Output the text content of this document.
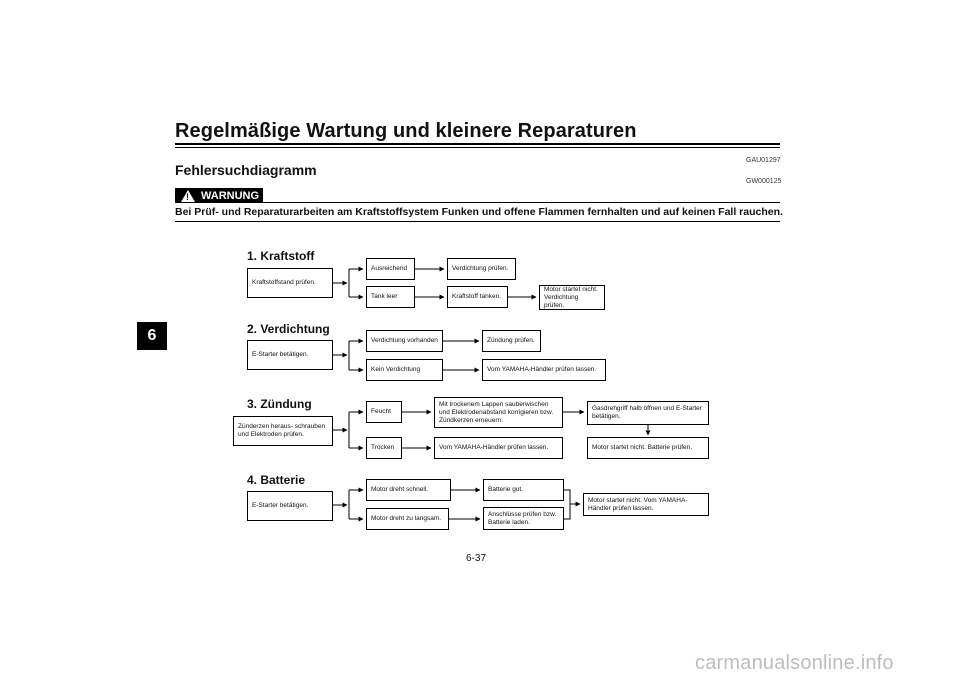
6
Regelmäßige Wartung und kleinere Reparaturen
GAU01297
Fehlersuchdiagramm
! WARNUNG
GW000125
Bei Prüf- und Reparaturarbeiten am Kraftstoffsystem Funken und offene Flammen fernhalten und auf keinen Fall rauchen.
1. Kraftstoff
Kraftstoffstand prüfen.
Ausreichend	Verdichtung prüfen.
Tank leer	Kraftstoff tanken.
Motor startet nicht. Verdichtung prüfen.
2. Verdichtung
E-Starter betätigen.
Verdichtung vorhanden	Zündung prüfen.
Kein Verdichtung	Vom YAMAHA-Händler prüfen lassen.
3. Zündung
Zünderzen heraus- schrauben und Elektroden prüfen.
Feucht
Mit trockenem Lappen sauberwischen und Elektrodenabstand korrigieren bzw. Zündkerzen erneuern.
Gasdrehgriff halb öffnen und E-Starter betätigen.
Motor startet nicht. Batterie prüfen.
Trocken	Vom YAMAHA-Händler prüfen lassen.
4. Batterie
E-Starter betätigen.
Motor dreht schnell.	Batterie gut.
Motor dreht zu langsam.
Anschlüsse prüfen bzw. Batterie laden.
Motor startet nicht. Vom YAMAHA-Händler prüfen lassen.
6-37
carmanualsonline.info
